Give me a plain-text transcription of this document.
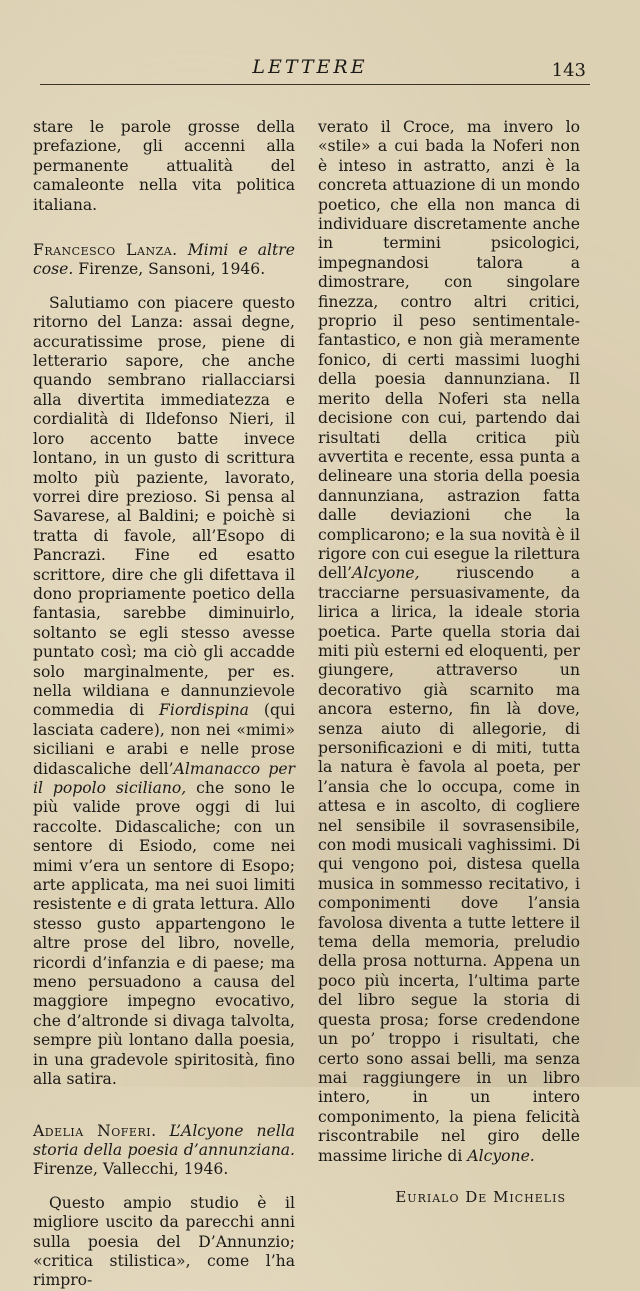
LETTERE	143

stare le parole grosse della prefazione, gli accenni alla permanente attualità del camaleonte nella vita politica italiana.

Francesco Lanza. Mimi e altre cose. Firenze, Sansoni, 1946.

Salutiamo con piacere questo ritorno del Lanza: assai degne, accuratissime prose, piene di letterario sapore, che anche quando sembrano riallacciarsi alla divertita immediatezza e cordialità di Ildefonso Nieri, il loro accento batte invece lontano, in un gusto di scrittura molto più paziente, lavorato, vorrei dire prezioso. Si pensa al Savarese, al Baldini; e poichè si tratta di favole, all’Esopo di Pancrazi. Fine ed esatto scrittore, dire che gli difettava il dono propriamente poetico della fantasia, sarebbe diminuirlo, soltanto se egli stesso avesse puntato così; ma ciò gli accadde solo marginalmente, per es. nella wildiana e dannunzievole commedia di Fiordispina (qui lasciata cadere), non nei «mimi» siciliani e arabi e nelle prose didascaliche dell’Almanacco per il popolo siciliano, che sono le più valide prove oggi di lui raccolte. Didascaliche; con un sentore di Esiodo, come nei mimi v’era un sentore di Esopo; arte applicata, ma nei suoi limiti resistente e di grata lettura. Allo stesso gusto appartengono le altre prose del libro, novelle, ricordi d’infanzia e di paese; ma meno persuadono a causa del maggiore impegno evocativo, che d’altronde si divaga talvolta, sempre più lontano dalla poesia, in una gradevole spiritosità, fino alla satira.

Adelia Noferi. L’Alcyone nella storia della poesia d’annunziana. Firenze, Vallecchi, 1946.

Questo ampio studio è il migliore uscito da parecchi anni sulla poesia del D’Annunzio; «critica stilistica», come l’ha rimpro-

verato il Croce, ma invero lo «stile» a cui bada la Noferi non è inteso in astratto, anzi è la concreta attuazione di un mondo poetico, che ella non manca di individuare discretamente anche in termini psicologici, impegnandosi talora a dimostrare, con singolare finezza, contro altri critici, proprio il peso sentimentale-fantastico, e non già meramente fonico, di certi massimi luoghi della poesia dannunziana. Il merito della Noferi sta nella decisione con cui, partendo dai risultati della critica più avvertita e recente, essa punta a delineare una storia della poesia dannunziana, astrazion fatta dalle deviazioni che la complicarono; e la sua novità è il rigore con cui esegue la rilettura dell’Alcyone, riuscendo a tracciarne persuasivamente, da lirica a lirica, la ideale storia poetica. Parte quella storia dai miti più esterni ed eloquenti, per giungere, attraverso un decorativo già scarnito ma ancora esterno, fin là dove, senza aiuto di allegorie, di personificazioni e di miti, tutta la natura è favola al poeta, per l’ansia che lo occupa, come in attesa e in ascolto, di cogliere nel sensibile il sovrasensibile, con modi musicali vaghissimi. Di qui vengono poi, distesa quella musica in sommesso recitativo, i componimenti dove l’ansia favolosa diventa a tutte lettere il tema della memoria, preludio della prosa notturna. Appena un poco più incerta, l’ultima parte del libro segue la storia di questa prosa; forse credendone un po’ troppo i risultati, che certo sono assai belli, ma senza mai raggiungere in un libro intero, in un intero componimento, la piena felicità riscontrabile nel giro delle massime liriche di Alcyone.

Eurialo De Michelis
